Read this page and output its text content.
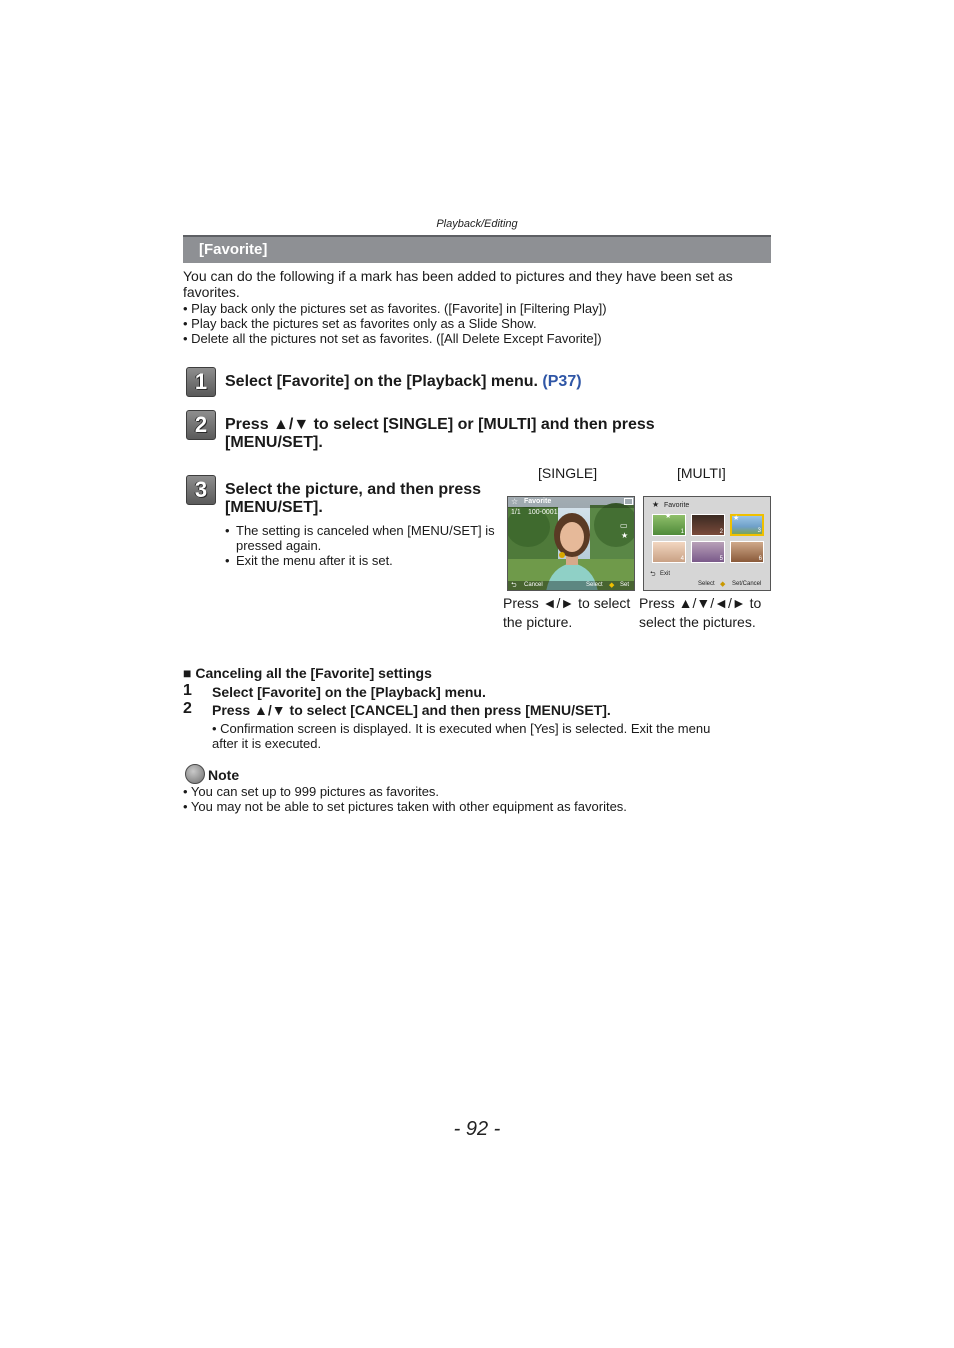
Playback/Editing
[Favorite]
You can do the following if a mark has been added to pictures and they have been set as favorites.
• Play back only the pictures set as favorites. ([Favorite] in [Filtering Play])
• Play back the pictures set as favorites only as a Slide Show.
• Delete all the pictures not set as favorites. ([All Delete Except Favorite])
1 Select [Favorite] on the [Playback] menu. (P37)
2 Press ▲/▼ to select [SINGLE] or [MULTI] and then press [MENU/SET].
3 Select the picture, and then press [MENU/SET].
• The setting is canceled when [MENU/SET] is pressed again.
• Exit the menu after it is set.
[SINGLE]	[MULTI]
☆ Favorite
1/1 100-0001
▭
★
⮌ Cancel	Select ◆ Set
★ Favorite
1
★
2	3
★
4	5	6
⮌ Exit
Select ◆ Set/Cancel
Press ◄/► to select the picture.
Press ▲/▼/◄/► to select the pictures.
■ Canceling all the [Favorite] settings
1 Select [Favorite] on the [Playback] menu.
2 Press ▲/▼ to select [CANCEL] and then press [MENU/SET].
• Confirmation screen is displayed. It is executed when [Yes] is selected. Exit the menu after it is executed.
Note
• You can set up to 999 pictures as favorites.
• You may not be able to set pictures taken with other equipment as favorites.
- 92 -
